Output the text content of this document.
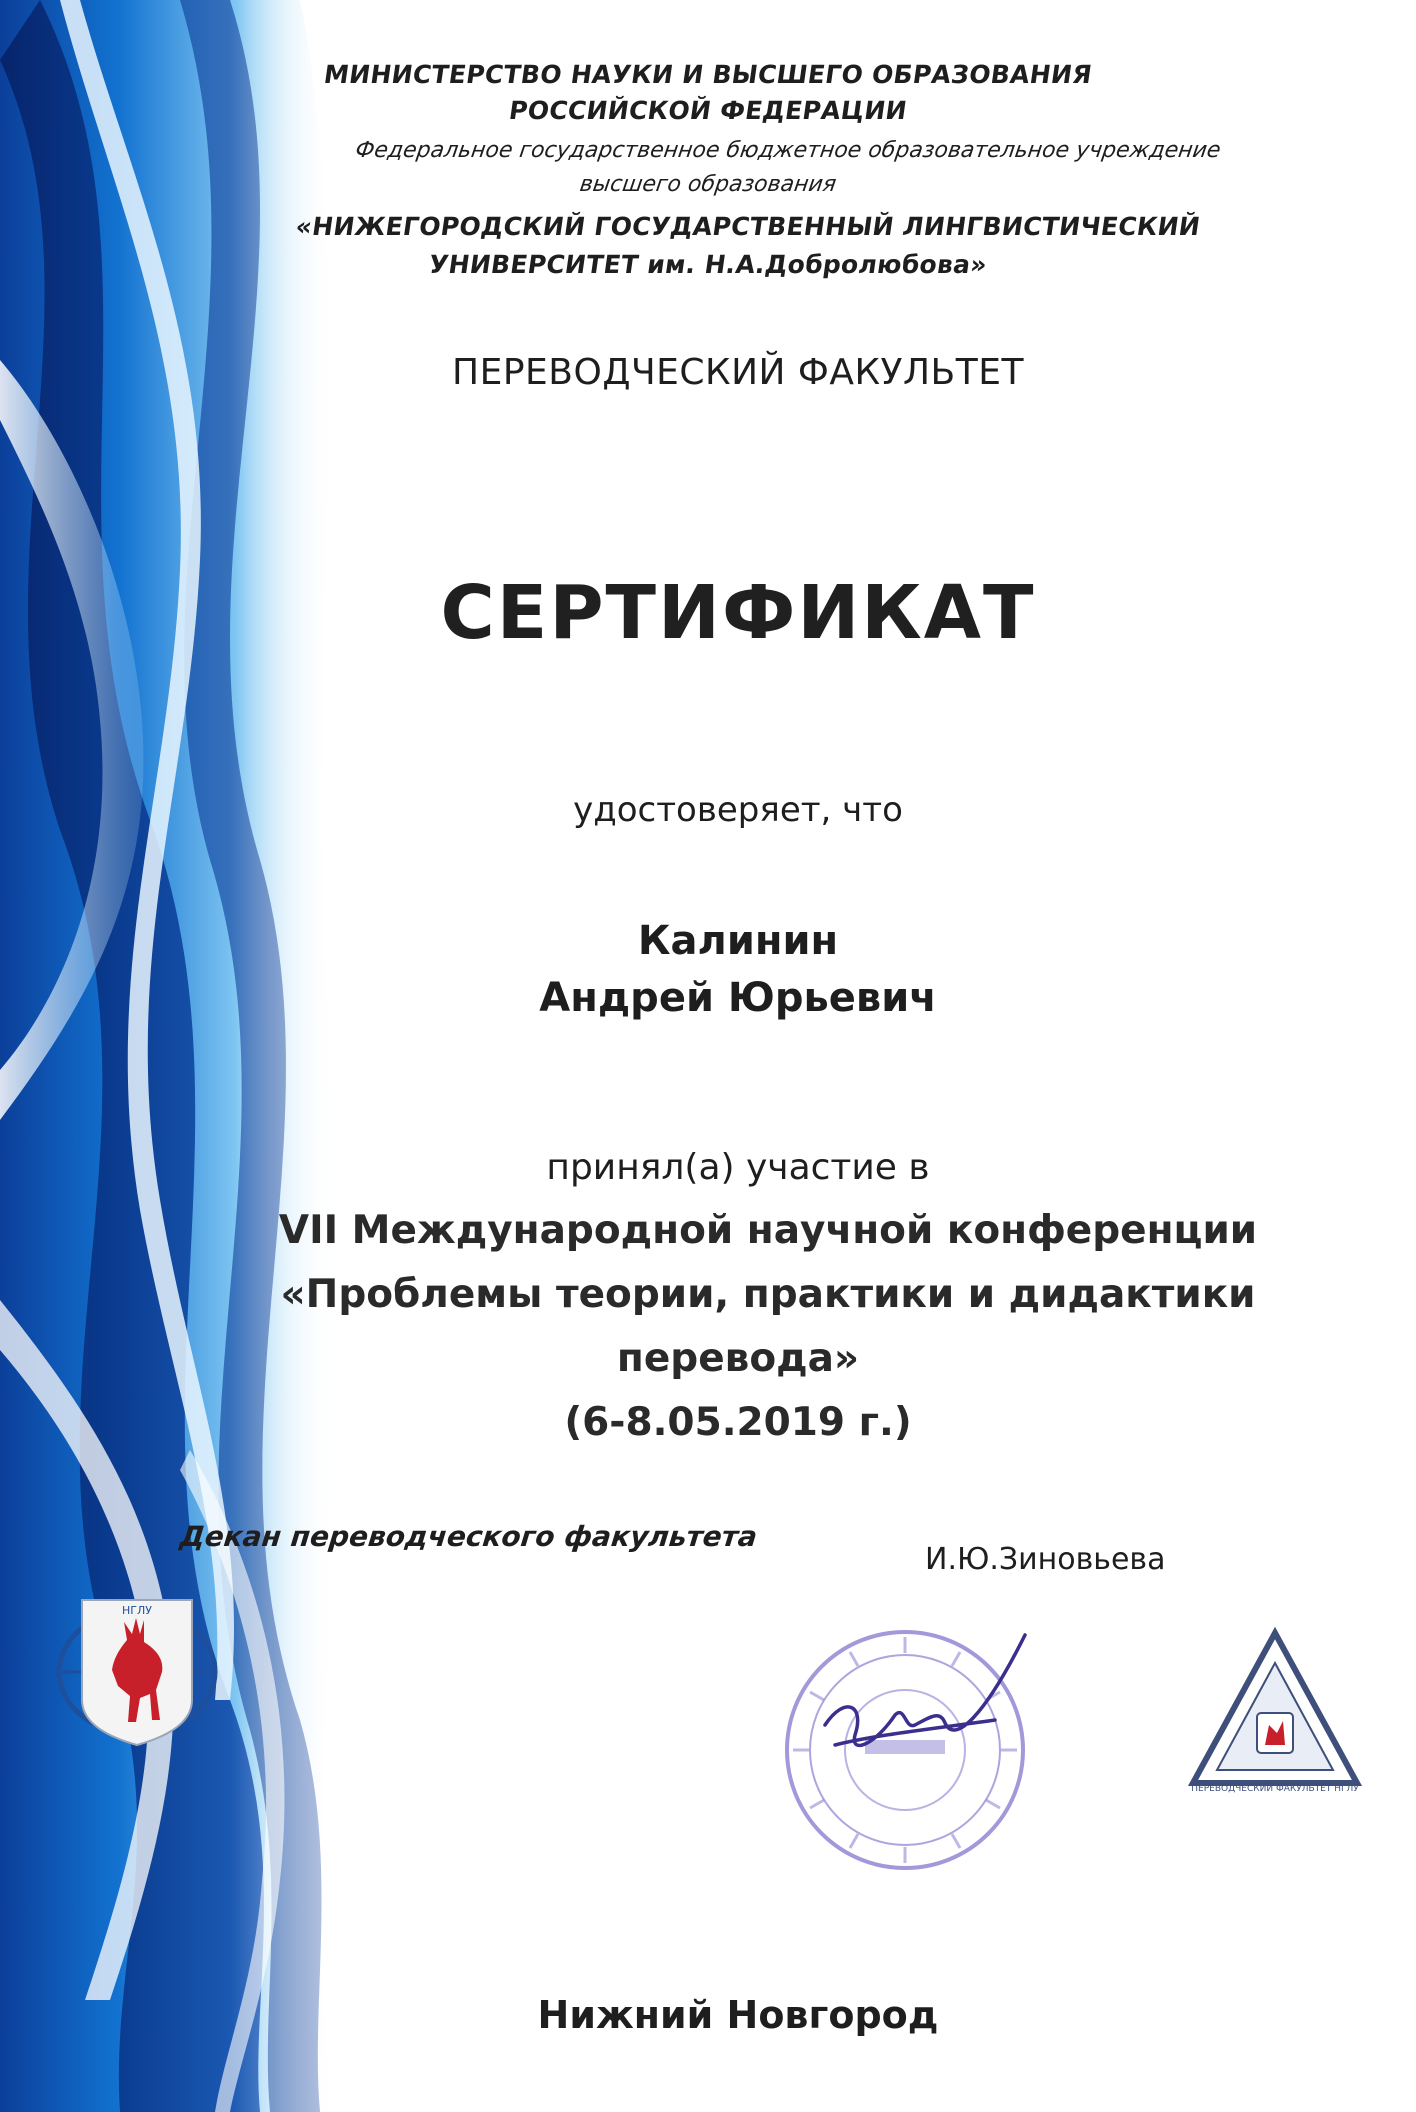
МИНИСТЕРСТВО НАУКИ И ВЫСШЕГО ОБРАЗОВАНИЯ
РОССИЙСКОЙ ФЕДЕРАЦИИ
Федеральное государственное бюджетное образовательное учреждение
высшего образования
«НИЖЕГОРОДСКИЙ ГОСУДАРСТВЕННЫЙ ЛИНГВИСТИЧЕСКИЙ
УНИВЕРСИТЕТ им. Н.А.Добролюбова»
ПЕРЕВОДЧЕСКИЙ ФАКУЛЬТЕТ
СЕРТИФИКАТ
удостоверяет, что
Калинин
Андрей Юрьевич
принял(а) участие в
VII Международной научной конференции
«Проблемы теории, практики и дидактики
перевода»
(6-8.05.2019 г.)
Декан переводческого факультета
И.Ю.Зиновьева
НГЛУ
ПЕРЕВОДЧЕСКИЙ ФАКУЛЬТЕТ НГЛУ
Нижний Новгород
